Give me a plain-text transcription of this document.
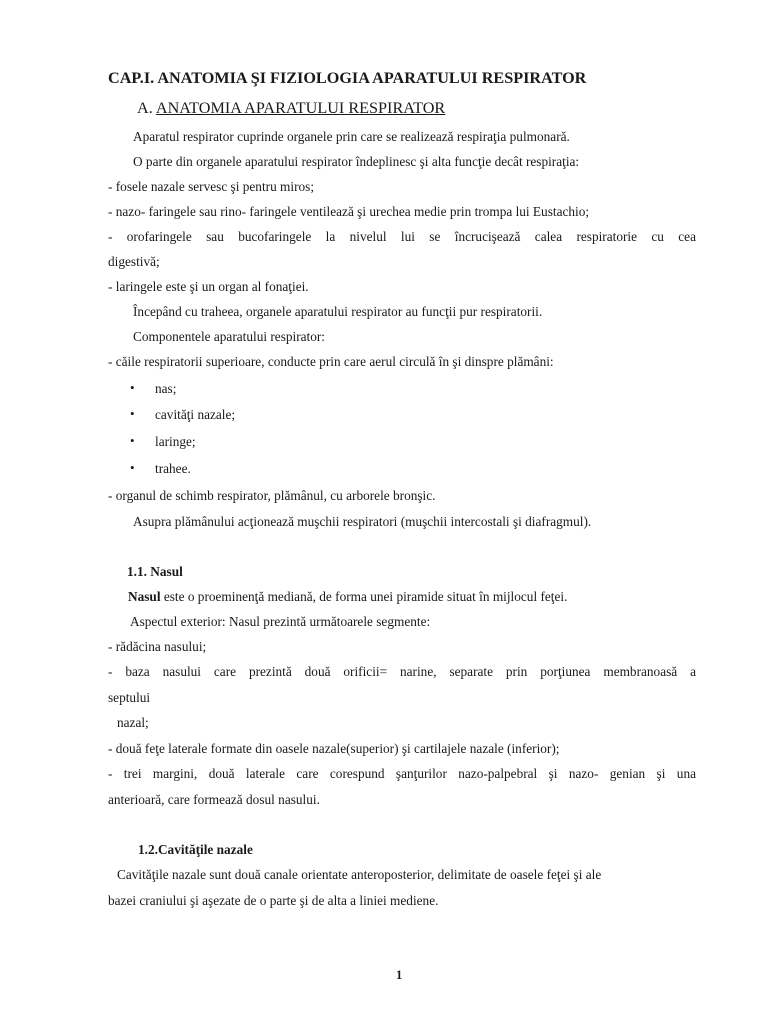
CAP.I. ANATOMIA ŞI FIZIOLOGIA APARATULUI RESPIRATOR
A. ANATOMIA APARATULUI RESPIRATOR
Aparatul respirator cuprinde organele prin care se realizează respiraţia pulmonară.
O parte din organele aparatului respirator îndeplinesc şi alta funcţie decât respiraţia:
- fosele nazale servesc şi pentru miros;
- nazo- faringele sau rino- faringele ventilează şi urechea medie prin trompa lui Eustachio;
- orofaringele sau bucofaringele la nivelul lui se încrucişează calea respiratorie cu cea
digestivă;
- laringele este şi un organ al fonaţiei.
Începând cu traheea, organele aparatului respirator au funcţii pur respiratorii.
Componentele aparatului respirator:
- căile respiratorii superioare, conducte prin care aerul circulă în şi dinspre plămâni:
• nas;
• cavităţi nazale;
• laringe;
• trahee.
- organul de schimb respirator, plămânul, cu arborele bronşic.
Asupra plămânului acţionează muşchii respiratori (muşchii intercostali şi diafragmul).
1.1. Nasul
Nasul este o proeminenţă mediană, de forma unei piramide situat în mijlocul feţei.
Aspectul exterior: Nasul prezintă următoarele segmente:
- rădăcina nasului;
- baza nasului care prezintă două orificii= narine, separate prin porţiunea membranoasă a
septului
nazal;
- două feţe laterale formate din oasele nazale(superior) şi cartilajele nazale (inferior);
- trei margini, două laterale care corespund şanţurilor nazo-palpebral şi nazo- genian şi una
anterioară, care formează dosul nasului.
1.2.Cavităţile nazale
Cavităţile nazale sunt două canale orientate anteroposterior, delimitate de oasele feţei şi ale
bazei craniului şi aşezate de o parte şi de alta a liniei mediene.
1
